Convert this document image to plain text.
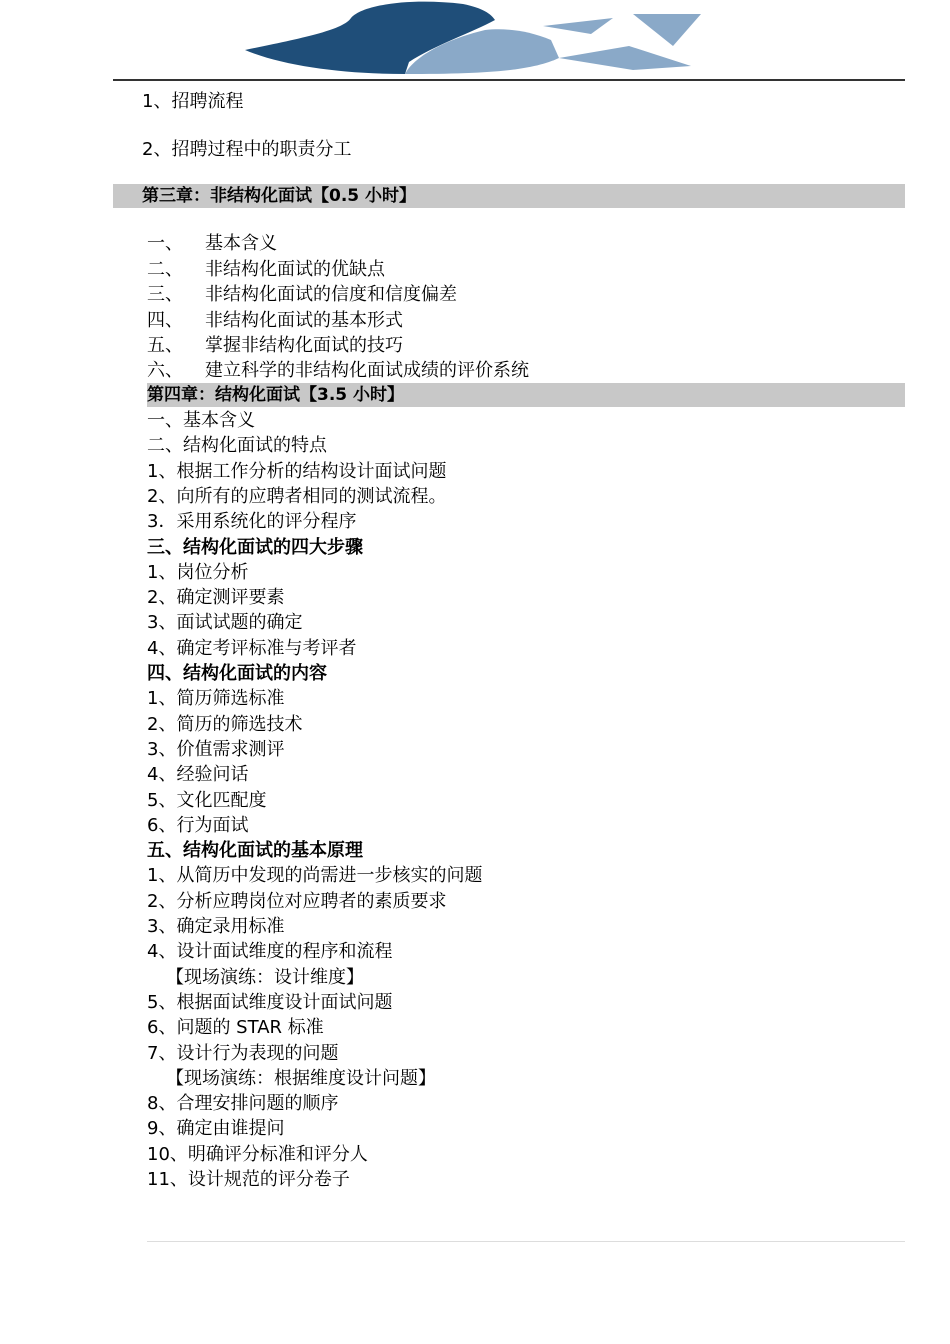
1、招聘流程
2、招聘过程中的职责分工
第三章：非结构化面试【0.5 小时】
一、 基本含义
二、 非结构化面试的优缺点
三、 非结构化面试的信度和信度偏差
四、 非结构化面试的基本形式
五、 掌握非结构化面试的技巧
六、 建立科学的非结构化面试成绩的评价系统
第四章：结构化面试【3.5 小时】
一、基本含义
二、结构化面试的特点
1、根据工作分析的结构设计面试问题
2、向所有的应聘者相同的测试流程。
3．采用系统化的评分程序
三、结构化面试的四大步骤
1、岗位分析
2、确定测评要素
3、面试试题的确定
4、确定考评标准与考评者
四、结构化面试的内容
1、简历筛选标准
2、简历的筛选技术
3、价值需求测评
4、经验问话
5、文化匹配度
6、行为面试
五、结构化面试的基本原理
1、从简历中发现的尚需进一步核实的问题
2、分析应聘岗位对应聘者的素质要求
3、确定录用标准
4、设计面试维度的程序和流程
【现场演练：设计维度】
5、根据面试维度设计面试问题
6、问题的 STAR 标准
7、设计行为表现的问题
【现场演练：根据维度设计问题】
8、合理安排问题的顺序
9、确定由谁提问
10、明确评分标准和评分人
11、设计规范的评分卷子
